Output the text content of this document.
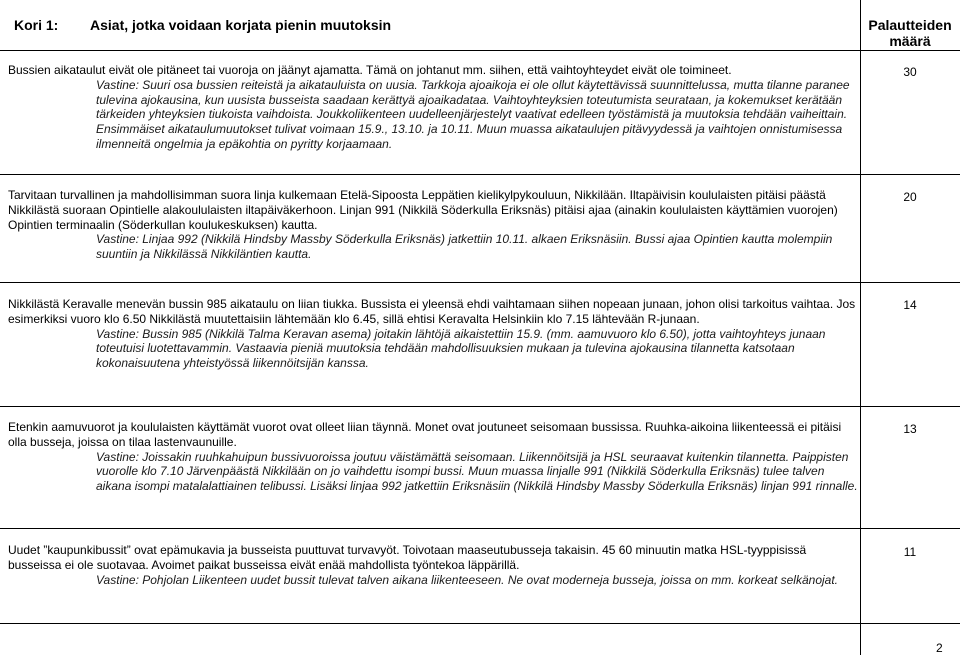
Kori 1: Asiat, jotka voidaan korjata pienin muutoksin	Palautteiden määrä

Bussien aikataulut eivät ole pitäneet tai vuoroja on jäänyt ajamatta. Tämä on johtanut mm. siihen, että vaihtoyhteydet eivät ole toimineet.

Vastine: Suuri osa bussien reiteistä ja aikatauluista on uusia. Tarkkoja ajoaikoja ei ole ollut käytettävissä suunnittelussa, mutta tilanne paranee tulevina ajokausina, kun uusista busseista saadaan kerättyä ajoaikadataa. Vaihtoyhteyksien toteutumista seurataan, ja kokemukset kerätään tärkeiden yhteyksien tiukoista vaihdoista. Joukkoliikenteen uudelleenjärjestelyt vaativat edelleen työstämistä ja muutoksia tehdään vaiheittain. Ensimmäiset aikataulumuutokset tulivat voimaan 15.9., 13.10. ja 10.11. Muun muassa aikataulujen pitävyydessä ja vaihtojen onnistumisessa ilmenneitä ongelmia ja epäkohtia on pyritty korjaamaan.

30

Tarvitaan turvallinen ja mahdollisimman suora linja kulkemaan Etelä-Sipoosta Leppätien kielikylpykouluun, Nikkilään. Iltapäivisin koululaisten pitäisi päästä Nikkilästä suoraan Opintielle alakoululaisten iltapäiväkerhoon. Linjan 991 (Nikkilä Söderkulla Eriksnäs) pitäisi ajaa (ainakin koululaisten käyttämien vuorojen) Opintien terminaalin (Söderkullan koulukeskuksen) kautta.

Vastine: Linjaa 992 (Nikkilä Hindsby Massby Söderkulla Eriksnäs) jatkettiin 10.11. alkaen Eriksnäsiin. Bussi ajaa Opintien kautta molempiin suuntiin ja Nikkilässä Nikkiläntien kautta.

20

Nikkilästä Keravalle menevän bussin 985 aikataulu on liian tiukka. Bussista ei yleensä ehdi vaihtamaan siihen nopeaan junaan, johon olisi tarkoitus vaihtaa. Jos esimerkiksi vuoro klo 6.50 Nikkilästä muutettaisiin lähtemään klo 6.45, sillä ehtisi Keravalta Helsinkiin klo 7.15 lähtevään R-junaan.

Vastine: Bussin 985 (Nikkilä Talma Keravan asema) joitakin lähtöjä aikaistettiin 15.9. (mm. aamuvuoro klo 6.50), jotta vaihtoyhteys junaan toteutuisi luotettavammin. Vastaavia pieniä muutoksia tehdään mahdollisuuksien mukaan ja tulevina ajokausina tilannetta katsotaan kokonaisuutena yhteistyössä liikennöitsijän kanssa.

14

Etenkin aamuvuorot ja koululaisten käyttämät vuorot ovat olleet liian täynnä. Monet ovat joutuneet seisomaan bussissa. Ruuhka-aikoina liikenteessä ei pitäisi olla busseja, joissa on tilaa lastenvaunuille.

Vastine: Joissakin ruuhkahuipun bussivuoroissa joutuu väistämättä seisomaan. Liikennöitsijä ja HSL seuraavat kuitenkin tilannetta. Paippisten vuorolle klo 7.10 Järvenpäästä Nikkilään on jo vaihdettu isompi bussi. Muun muassa linjalle 991 (Nikkilä Söderkulla Eriksnäs) tulee talven aikana isompi matalalattiainen telibussi. Lisäksi linjaa 992 jatkettiin Eriksnäsiin (Nikkilä Hindsby Massby Söderkulla Eriksnäs) linjan 991 rinnalle.

13

Uudet ”kaupunkibussit” ovat epämukavia ja busseista puuttuvat turvavyöt. Toivotaan maaseutubusseja takaisin. 45 60 minuutin matka HSL-tyyppisissä busseissa ei ole suotavaa. Avoimet paikat busseissa eivät enää mahdollista työntekoa läppärillä.

Vastine: Pohjolan Liikenteen uudet bussit tulevat talven aikana liikenteeseen. Ne ovat moderneja busseja, joissa on mm. korkeat selkänojat.

11
2
